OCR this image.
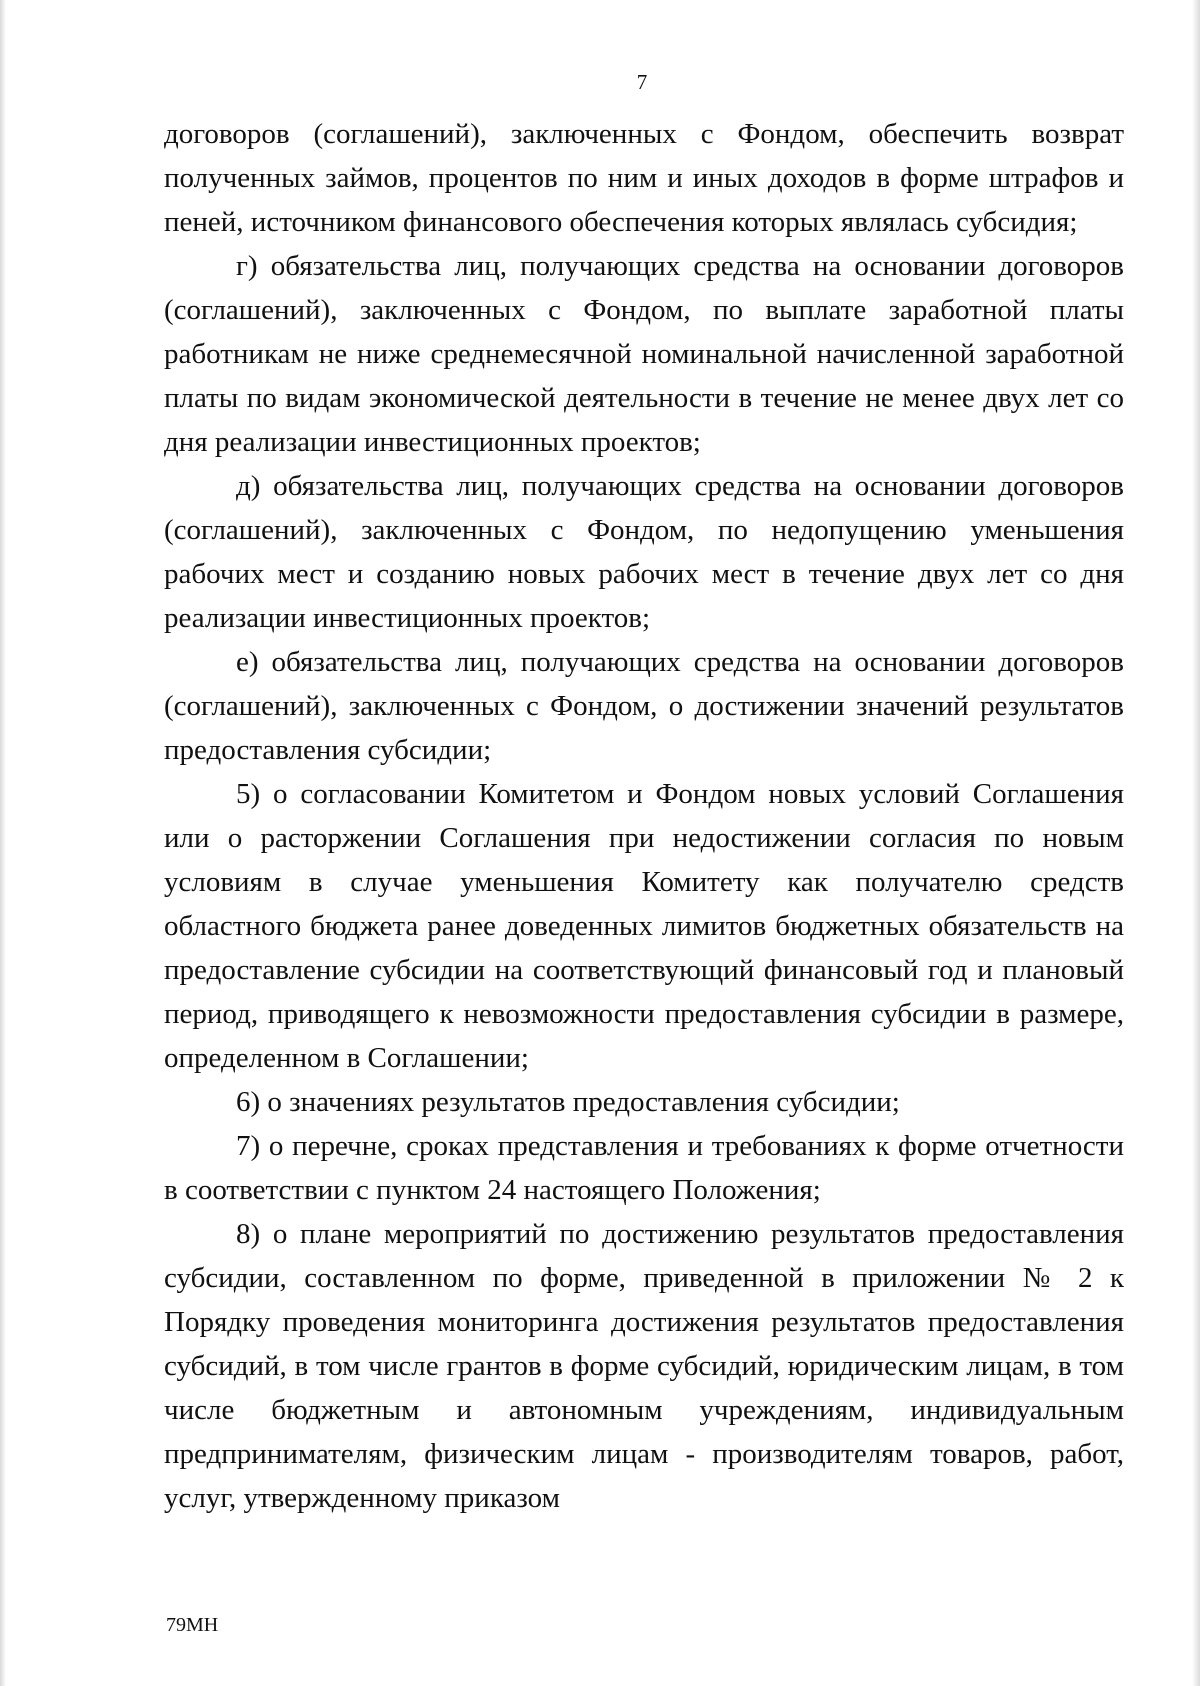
7

договоров (соглашений), заключенных с Фондом, обеспечить возврат полученных займов, процентов по ним и иных доходов в форме штрафов и пеней, источником финансового обеспечения которых являлась субсидия;

г) обязательства лиц, получающих средства на основании договоров (соглашений), заключенных с Фондом, по выплате заработной платы работникам не ниже среднемесячной номинальной начисленной заработной платы по видам экономической деятельности в течение не менее двух лет со дня реализации инвестиционных проектов;

д) обязательства лиц, получающих средства на основании договоров (соглашений), заключенных с Фондом, по недопущению уменьшения рабочих мест и созданию новых рабочих мест в течение двух лет со дня реализации инвестиционных проектов;

е) обязательства лиц, получающих средства на основании договоров (соглашений), заключенных с Фондом, о достижении значений результатов предоставления субсидии;

5) о согласовании Комитетом и Фондом новых условий Соглашения или о расторжении Соглашения при недостижении согласия по новым условиям в случае уменьшения Комитету как получателю средств областного бюджета ранее доведенных лимитов бюджетных обязательств на предоставление субсидии на соответствующий финансовый год и плановый период, приводящего к невозможности предоставления субсидии в размере, определенном в Соглашении;

6) о значениях результатов предоставления субсидии;

7) о перечне, сроках представления и требованиях к форме отчетности в соответствии с пунктом 24 настоящего Положения;

8) о плане мероприятий по достижению результатов предоставления субсидии, составленном по форме, приведенной в приложении № 2 к Порядку проведения мониторинга достижения результатов предоставления субсидий, в том числе грантов в форме субсидий, юридическим лицам, в том числе бюджетным и автономным учреждениям, индивидуальным предпринимателям, физическим лицам - производителям товаров, работ, услуг, утвержденному приказом

79МН
